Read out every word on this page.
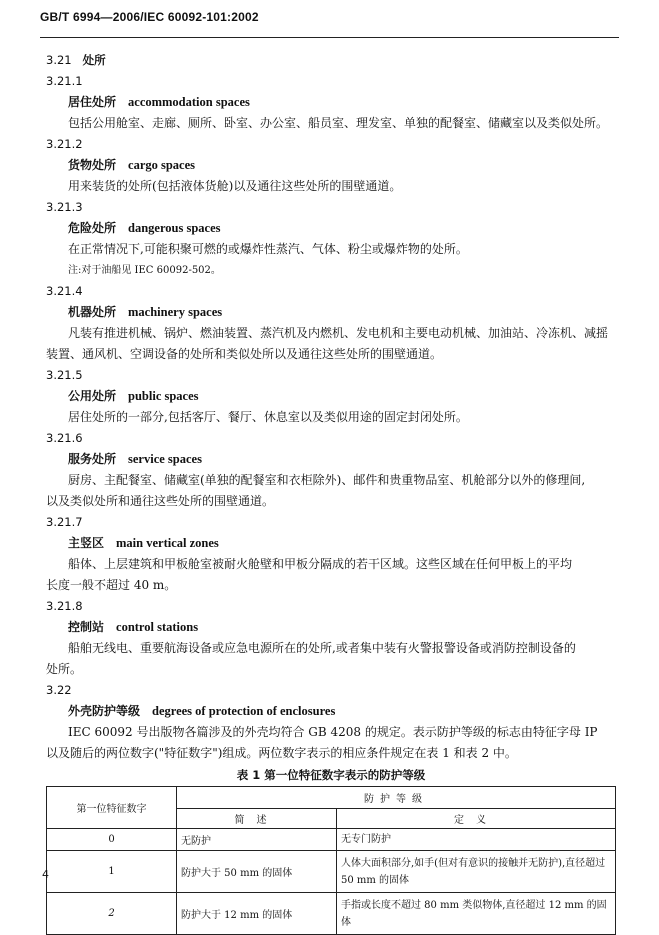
GB/T 6994—2006/IEC 60092-101:2002
3.21 处所
3.21.1
居住处所 accommodation spaces
包括公用舱室、走廊、厕所、卧室、办公室、船员室、理发室、单独的配餐室、储藏室以及类似处所。
3.21.2
货物处所 cargo spaces
用来装货的处所(包括液体货舱)以及通往这些处所的围壁通道。
3.21.3
危险处所 dangerous spaces
在正常情况下,可能积聚可燃的或爆炸性蒸汽、气体、粉尘或爆炸物的处所。
注:对于油船见 IEC 60092-502。
3.21.4
机器处所 machinery spaces
凡装有推进机械、锅炉、燃油装置、蒸汽机及内燃机、发电机和主要电动机械、加油站、冷冻机、减摇
装置、通风机、空调设备的处所和类似处所以及通往这些处所的围壁通道。
3.21.5
公用处所 public spaces
居住处所的一部分,包括客厅、餐厅、休息室以及类似用途的固定封闭处所。
3.21.6
服务处所 service spaces
厨房、主配餐室、储藏室(单独的配餐室和衣柜除外)、邮件和贵重物品室、机舱部分以外的修理间,
以及类似处所和通往这些处所的围壁通道。
3.21.7
主竖区 main vertical zones
船体、上层建筑和甲板舱室被耐火舱壁和甲板分隔成的若干区域。这些区域在任何甲板上的平均
长度一般不超过 40 m。
3.21.8
控制站 control stations
船舶无线电、重要航海设备或应急电源所在的处所,或者集中装有火警报警设备或消防控制设备的
处所。
3.22
外壳防护等级 degrees of protection of enclosures
IEC 60092 号出版物各篇涉及的外壳均符合 GB 4208 的规定。表示防护等级的标志由特征字母 IP
以及随后的两位数字("特征数字")组成。两位数字表示的相应条件规定在表 1 和表 2 中。
表 1 第一位特征数字表示的防护等级
第一位特征数字	防护等级	
	简述	定义
0	无防护	无专门防护
1	防护大于 50 mm 的固体	人体大面积部分,如手(但对有意识的接触并无防护),直径超过 50 mm 的固体
2	防护大于 12 mm 的固体	手指或长度不超过 80 mm 类似物体,直径超过 12 mm 的固体
4
